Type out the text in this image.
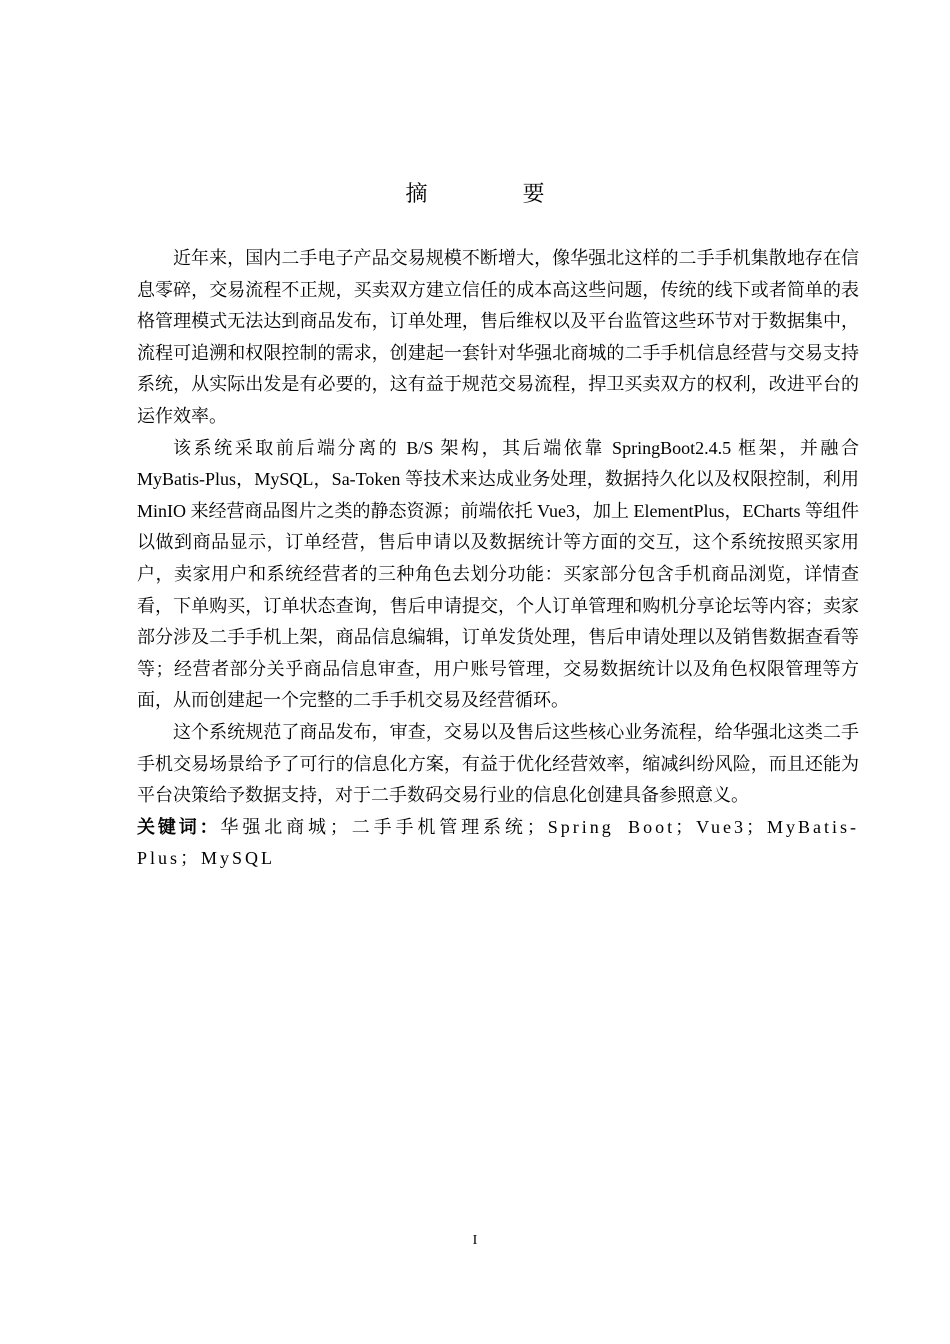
摘 要

近年来，国内二手电子产品交易规模不断增大，像华强北这样的二手手机集散地存在信息零碎，交易流程不正规，买卖双方建立信任的成本高这些问题，传统的线下或者简单的表格管理模式无法达到商品发布，订单处理，售后维权以及平台监管这些环节对于数据集中，流程可追溯和权限控制的需求，创建起一套针对华强北商城的二手手机信息经营与交易支持系统，从实际出发是有必要的，这有益于规范交易流程，捍卫买卖双方的权利，改进平台的运作效率。

该系统采取前后端分离的 B/S 架构，其后端依靠 SpringBoot2.4.5 框架，并融合 MyBatis-Plus，MySQL，Sa-Token 等技术来达成业务处理，数据持久化以及权限控制，利用 MinIO 来经营商品图片之类的静态资源；前端依托 Vue3，加上 ElementPlus，ECharts 等组件以做到商品显示，订单经营，售后申请以及数据统计等方面的交互，这个系统按照买家用户，卖家用户和系统经营者的三种角色去划分功能：买家部分包含手机商品浏览，详情查看，下单购买，订单状态查询，售后申请提交，个人订单管理和购机分享论坛等内容；卖家部分涉及二手手机上架，商品信息编辑，订单发货处理，售后申请处理以及销售数据查看等等；经营者部分关乎商品信息审查，用户账号管理，交易数据统计以及角色权限管理等方面，从而创建起一个完整的二手手机交易及经营循环。

这个系统规范了商品发布，审查，交易以及售后这些核心业务流程，给华强北这类二手手机交易场景给予了可行的信息化方案，有益于优化经营效率，缩减纠纷风险，而且还能为平台决策给予数据支持，对于二手数码交易行业的信息化创建具备参照意义。

关键词：华强北商城；二手手机管理系统；Spring Boot；Vue3；MyBatis-Plus；MySQL

I
